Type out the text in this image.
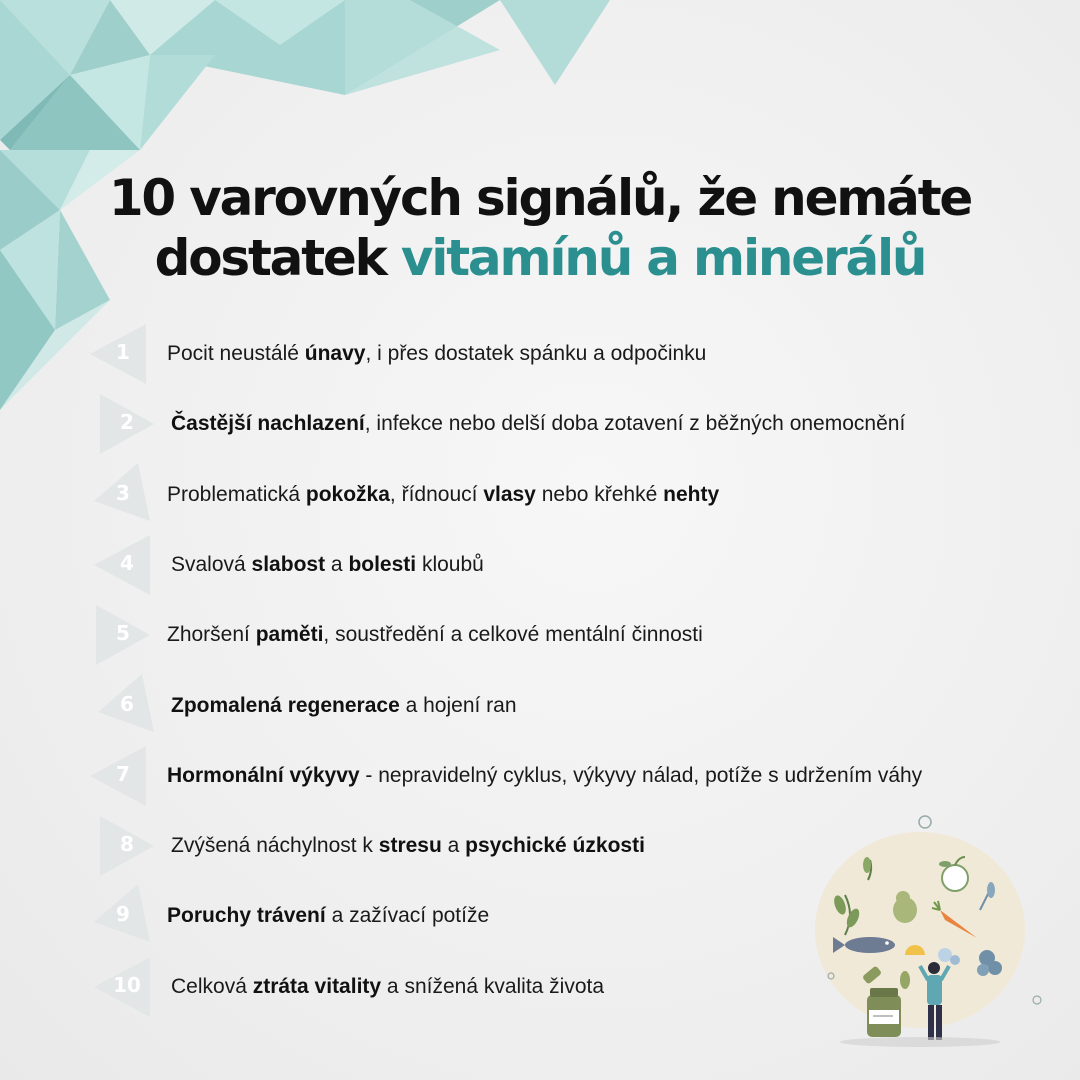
10 varovných signálů, že nemáte
dostatek vitamínů a minerálů
1	Pocit neustálé únavy, i přes dostatek spánku a odpočinku
2	Častější nachlazení, infekce nebo delší doba zotavení z běžných onemocnění
3	Problematická pokožka, řídnoucí vlasy nebo křehké nehty
4	Svalová slabost a bolesti kloubů
5	Zhoršení paměti, soustředění a celkové mentální činnosti
6	Zpomalená regenerace a hojení ran
7	Hormonální výkyvy - nepravidelný cyklus, výkyvy nálad, potíže s udržením váhy
8	Zvýšená náchylnost k stresu a psychické úzkosti
9	Poruchy trávení a zažívací potíže
10	Celková ztráta vitality a snížená kvalita života
